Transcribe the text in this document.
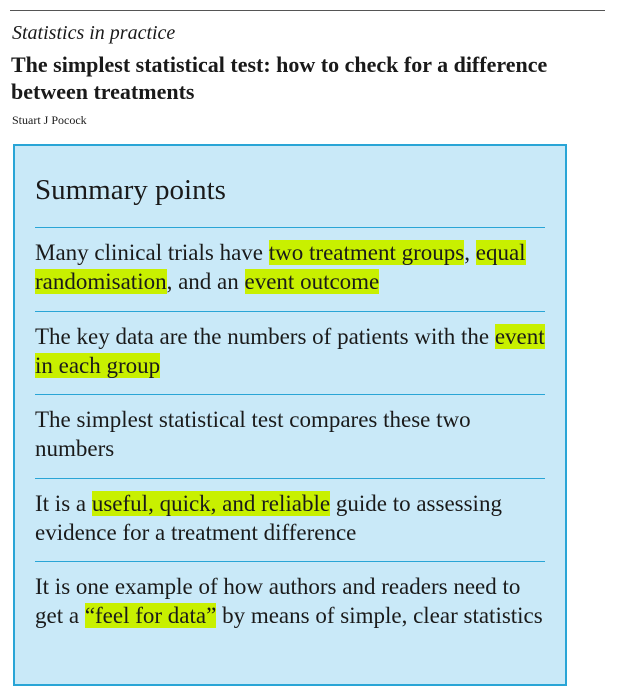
Statistics in practice
The simplest statistical test: how to check for a difference between treatments
Stuart J Pocock
Summary points
Many clinical trials have two treatment groups, equal randomisation, and an event outcome
The key data are the numbers of patients with the event in each group
The simplest statistical test compares these two numbers
It is a useful, quick, and reliable guide to assessing evidence for a treatment difference
It is one example of how authors and readers need to get a “feel for data” by means of simple, clear statistics
